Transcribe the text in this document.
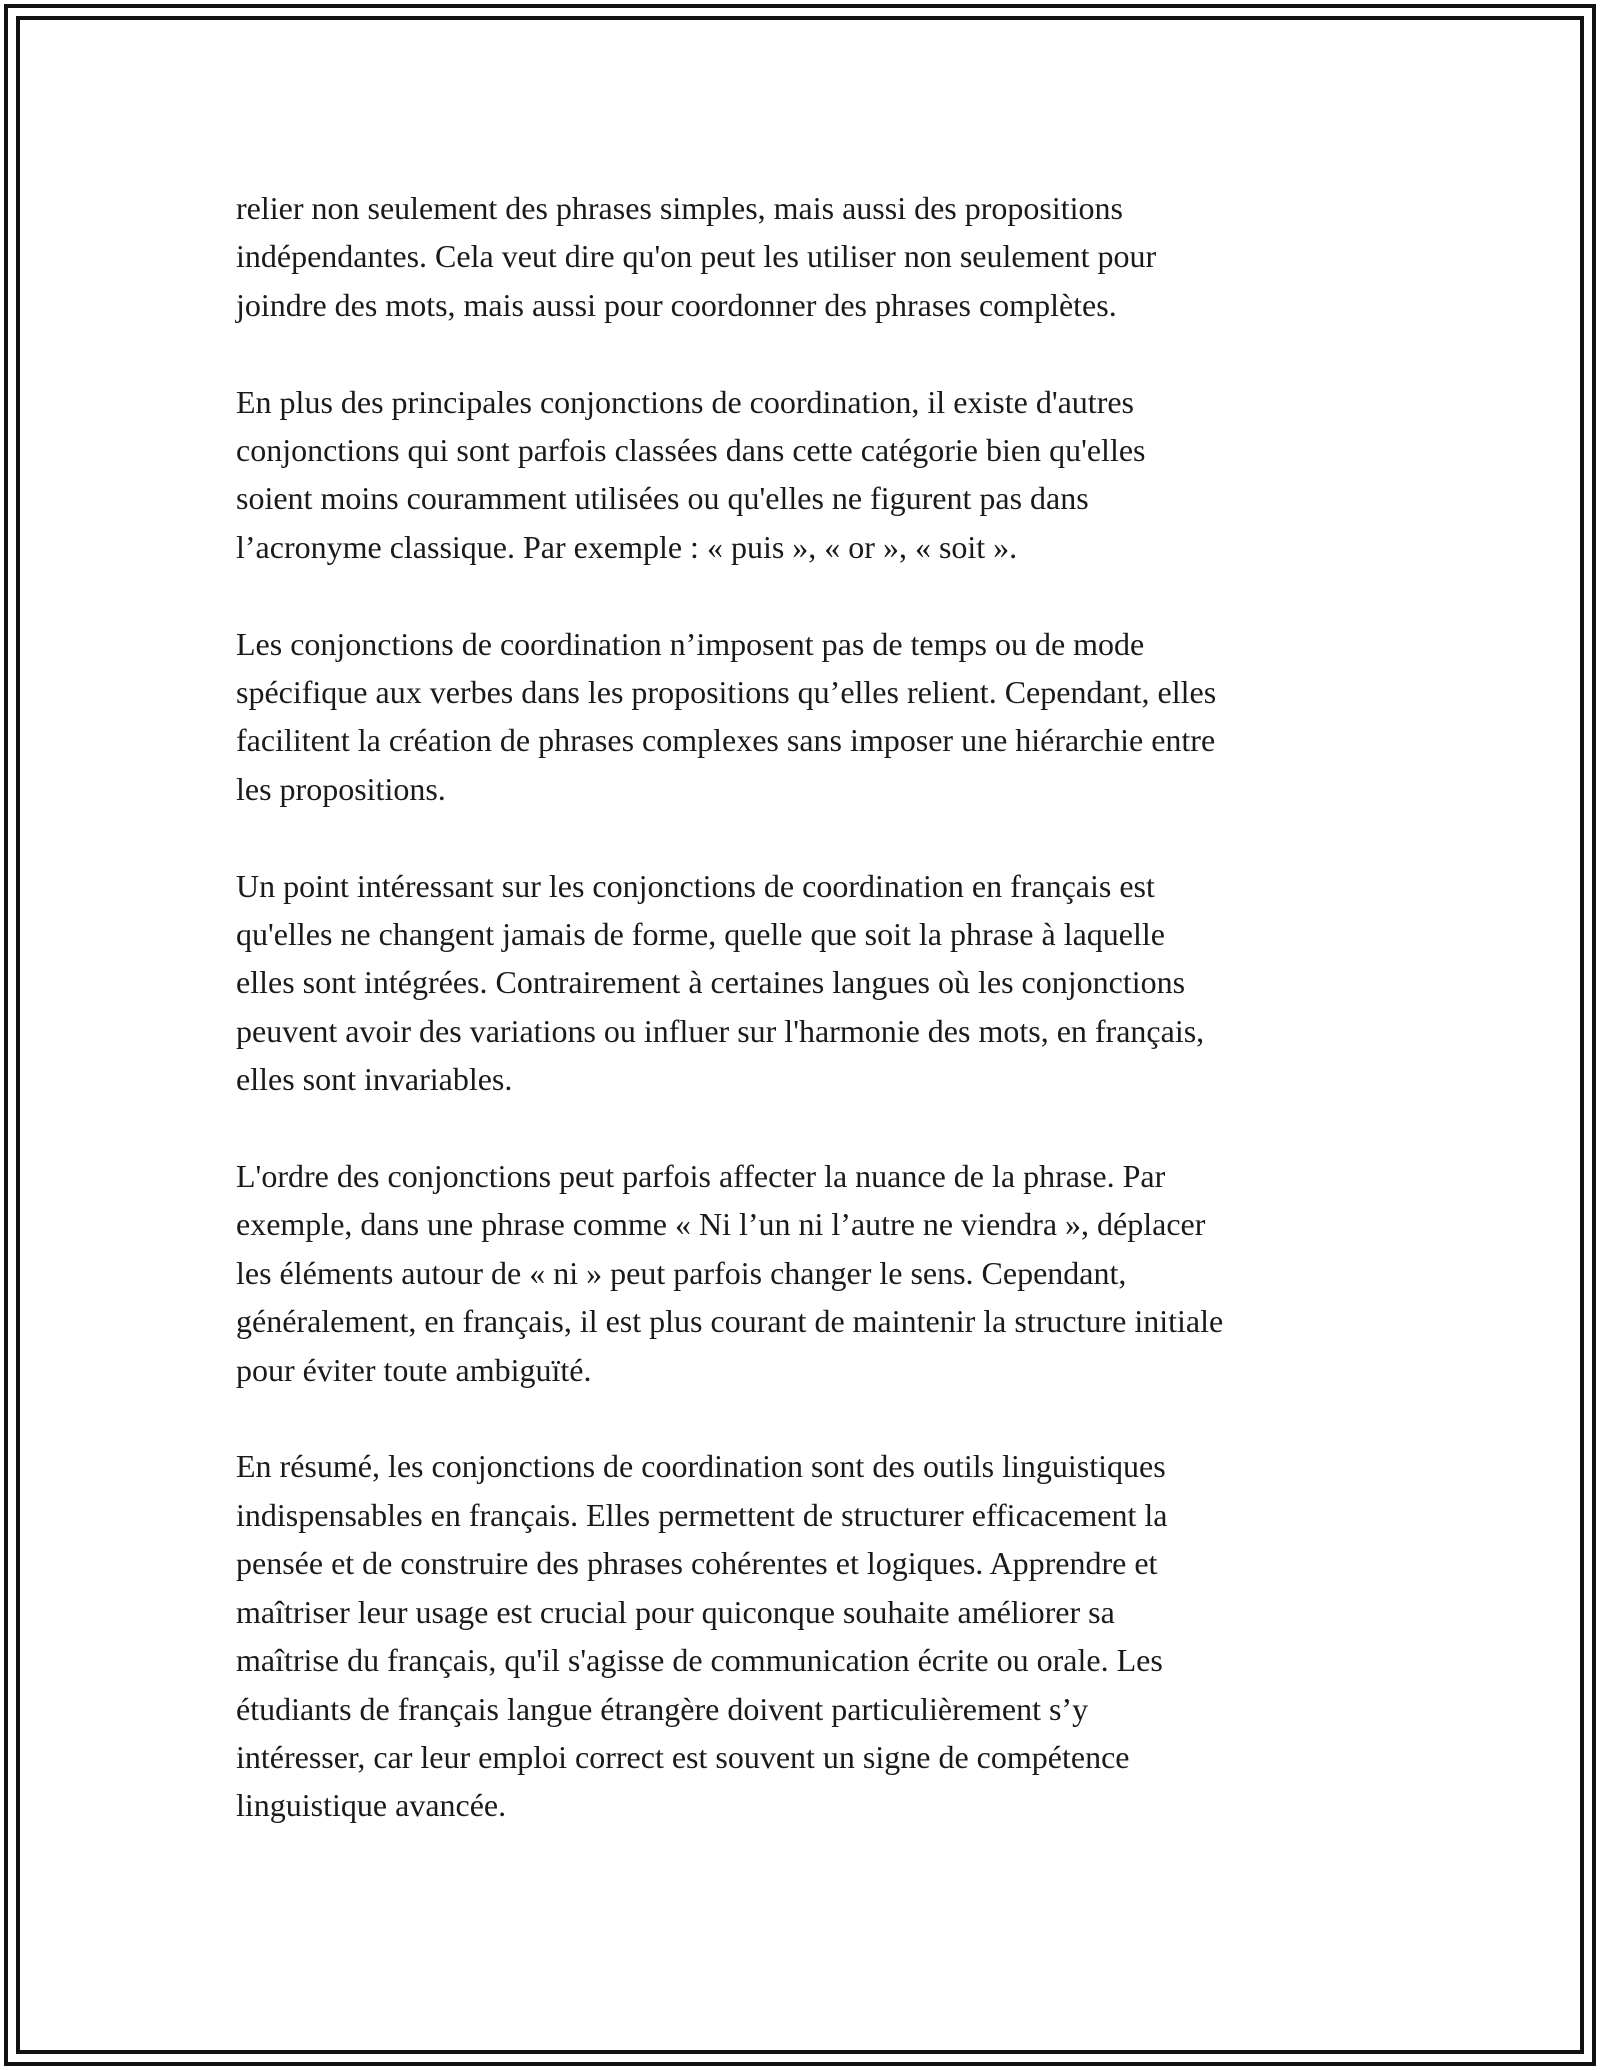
relier non seulement des phrases simples, mais aussi des propositions
indépendantes. Cela veut dire qu'on peut les utiliser non seulement pour
joindre des mots, mais aussi pour coordonner des phrases complètes.

En plus des principales conjonctions de coordination, il existe d'autres
conjonctions qui sont parfois classées dans cette catégorie bien qu'elles
soient moins couramment utilisées ou qu'elles ne figurent pas dans
l’acronyme classique. Par exemple : « puis », « or », « soit ».

Les conjonctions de coordination n’imposent pas de temps ou de mode
spécifique aux verbes dans les propositions qu’elles relient. Cependant, elles
facilitent la création de phrases complexes sans imposer une hiérarchie entre
les propositions.

Un point intéressant sur les conjonctions de coordination en français est
qu'elles ne changent jamais de forme, quelle que soit la phrase à laquelle
elles sont intégrées. Contrairement à certaines langues où les conjonctions
peuvent avoir des variations ou influer sur l'harmonie des mots, en français,
elles sont invariables.

L'ordre des conjonctions peut parfois affecter la nuance de la phrase. Par
exemple, dans une phrase comme « Ni l’un ni l’autre ne viendra », déplacer
les éléments autour de « ni » peut parfois changer le sens. Cependant,
généralement, en français, il est plus courant de maintenir la structure initiale
pour éviter toute ambiguïté.

En résumé, les conjonctions de coordination sont des outils linguistiques
indispensables en français. Elles permettent de structurer efficacement la
pensée et de construire des phrases cohérentes et logiques. Apprendre et
maîtriser leur usage est crucial pour quiconque souhaite améliorer sa
maîtrise du français, qu'il s'agisse de communication écrite ou orale. Les
étudiants de français langue étrangère doivent particulièrement s’y
intéresser, car leur emploi correct est souvent un signe de compétence
linguistique avancée.
